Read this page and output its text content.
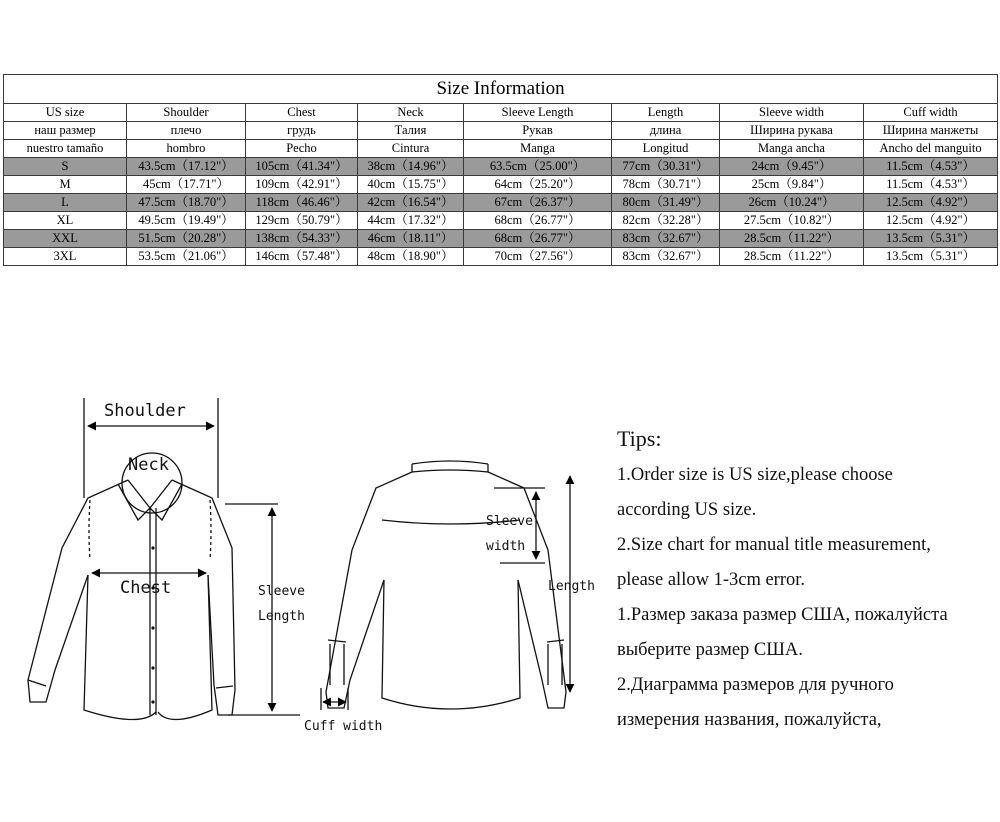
Size Information							
US size	Shoulder	Chest	Neck	Sleeve Length	Length	Sleeve width	Cuff width
наш размер	плечо	грудь	Талия	Рукав	длина	Ширина рукава	Ширина манжеты
nuestro tamaño	hombro	Pecho	Cintura	Manga	Longitud	Manga ancha	Ancho del manguito
S	43.5cm（17.12"）	105cm（41.34"）	38cm（14.96"）	63.5cm（25.00"）	77cm（30.31"）	24cm（9.45"）	11.5cm（4.53"）
M	45cm（17.71"）	109cm（42.91"）	40cm（15.75"）	64cm（25.20"）	78cm（30.71"）	25cm（9.84"）	11.5cm（4.53"）
L	47.5cm（18.70"）	118cm（46.46"）	42cm（16.54"）	67cm（26.37"）	80cm（31.49"）	26cm（10.24"）	12.5cm（4.92"）
XL	49.5cm（19.49"）	129cm（50.79"）	44cm（17.32"）	68cm（26.77"）	82cm（32.28"）	27.5cm（10.82"）	12.5cm（4.92"）
XXL	51.5cm（20.28"）	138cm（54.33"）	46cm（18.11"）	68cm（26.77"）	83cm（32.67"）	28.5cm（11.22"）	13.5cm（5.31"）
3XL	53.5cm（21.06"）	146cm（57.48"）	48cm（18.90"）	70cm（27.56"）	83cm（32.67"）	28.5cm（11.22"）	13.5cm（5.31"）
Shoulder
Neck
Chest	Sleeve
Length
Sleeve
width
Length
Cuff width
Tips:

1.Order size is US size,please choose

according US size.

2.Size chart for manual title measurement,

please allow 1-3cm error.

1.Размер заказа размер США, пожалуйста

выберите размер США.

2.Диаграмма размеров для ручного

измерения названия, пожалуйста,
